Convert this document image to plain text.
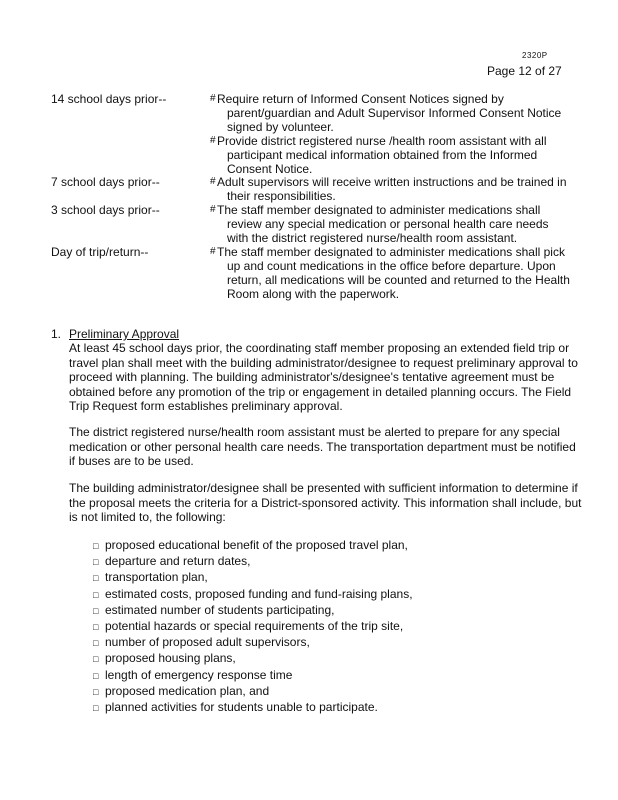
2320P
Page 12 of 27
14 school days prior--	# Require return of Informed Consent Notices signed by parent/guardian and Adult Supervisor Informed Consent Notice signed by volunteer.
# Provide district registered nurse /health room assistant with all participant medical information obtained from the Informed Consent Notice.
7 school days prior--	# Adult supervisors will receive written instructions and be trained in their responsibilities.
3 school days prior--	# The staff member designated to administer medications shall review any special medication or personal health care needs with the district registered nurse/health room assistant.
Day of trip/return--	# The staff member designated to administer medications shall pick up and count medications in the office before departure. Upon return, all medications will be counted and returned to the Health Room along with the paperwork.
1. Preliminary Approval
At least 45 school days prior, the coordinating staff member proposing an extended field trip or travel plan shall meet with the building administrator/designee to request preliminary approval to proceed with planning. The building administrator's/designee's tentative agreement must be obtained before any promotion of the trip or engagement in detailed planning occurs. The Field Trip Request form establishes preliminary approval.
The district registered nurse/health room assistant must be alerted to prepare for any special medication or other personal health care needs. The transportation department must be notified if buses are to be used.
The building administrator/designee shall be presented with sufficient information to determine if the proposal meets the criteria for a District-sponsored activity. This information shall include, but is not limited to, the following:
□ proposed educational benefit of the proposed travel plan,
□ departure and return dates,
□ transportation plan,
□ estimated costs, proposed funding and fund-raising plans,
□ estimated number of students participating,
□ potential hazards or special requirements of the trip site,
□ number of proposed adult supervisors,
□ proposed housing plans,
□ length of emergency response time
□ proposed medication plan, and
□ planned activities for students unable to participate.
